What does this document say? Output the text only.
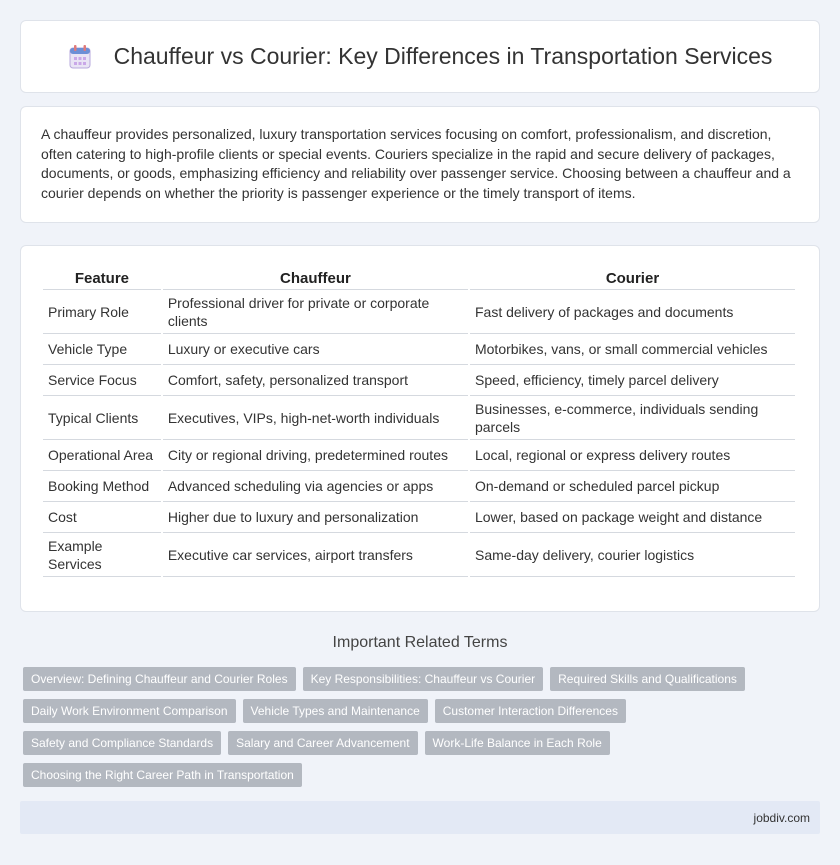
Chauffeur vs Courier: Key Differences in Transportation Services

A chauffeur provides personalized, luxury transportation services focusing on comfort, professionalism, and discretion, often catering to high-profile clients or special events. Couriers specialize in the rapid and secure delivery of packages, documents, or goods, emphasizing efficiency and reliability over passenger service. Choosing between a chauffeur and a courier depends on whether the priority is passenger experience or the timely transport of items.

Feature	Chauffeur	Courier
Primary Role	Professional driver for private or corporate clients	Fast delivery of packages and documents
Vehicle Type	Luxury or executive cars	Motorbikes, vans, or small commercial vehicles
Service Focus	Comfort, safety, personalized transport	Speed, efficiency, timely parcel delivery
Typical Clients	Executives, VIPs, high-net-worth individuals	Businesses, e-commerce, individuals sending parcels
Operational Area	City or regional driving, predetermined routes	Local, regional or express delivery routes
Booking Method	Advanced scheduling via agencies or apps	On-demand or scheduled parcel pickup
Cost	Higher due to luxury and personalization	Lower, based on package weight and distance
Example Services	Executive car services, airport transfers	Same-day delivery, courier logistics
Important Related Terms
Overview: Defining Chauffeur and Courier Roles	Key Responsibilities: Chauffeur vs Courier	Required Skills and Qualifications
Daily Work Environment Comparison	Vehicle Types and Maintenance	Customer Interaction Differences
Safety and Compliance Standards	Salary and Career Advancement	Work-Life Balance in Each Role
Choosing the Right Career Path in Transportation
jobdiv.com
